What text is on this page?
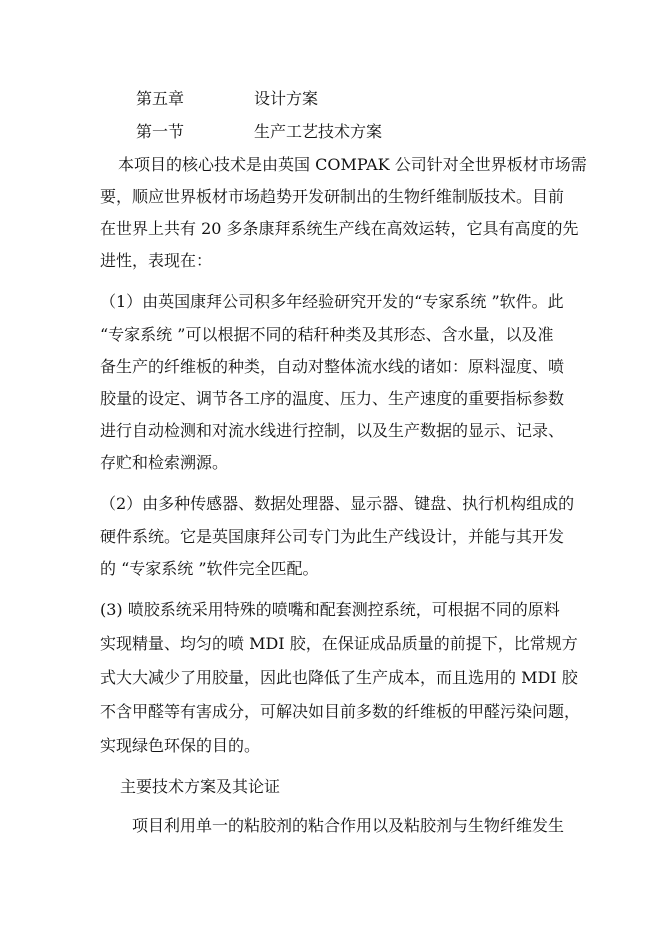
第五章	设计方案
第一节	生产工艺技术方案
本项目的核心技术是由英国 COMPAK 公司针对全世界板材市场需
要，顺应世界板材市场趋势开发研制出的生物纤维制版技术。目前
在世界上共有 20 多条康拜系统生产线在高效运转，它具有高度的先
进性，表现在：
（1）由英国康拜公司积多年经验研究开发的“专家系统 ”软件。此
“专家系统 ”可以根据不同的秸秆种类及其形态、含水量，以及准
备生产的纤维板的种类，自动对整体流水线的诸如：原料湿度、喷
胶量的设定、调节各工序的温度、压力、生产速度的重要指标参数
进行自动检测和对流水线进行控制，以及生产数据的显示、记录、
存贮和检索溯源。
（2）由多种传感器、数据处理器、显示器、键盘、执行机构组成的
硬件系统。它是英国康拜公司专门为此生产线设计，并能与其开发
的 “专家系统 ”软件完全匹配。
(3) 喷胶系统采用特殊的喷嘴和配套测控系统，可根据不同的原料
实现精量、均匀的喷 MDI 胶，在保证成品质量的前提下，比常规方
式大大减少了用胶量，因此也降低了生产成本，而且选用的 MDI 胶
不含甲醛等有害成分，可解决如目前多数的纤维板的甲醛污染问题，
实现绿色环保的目的。
主要技术方案及其论证
项目利用单一的粘胶剂的粘合作用以及粘胶剂与生物纤维发生
